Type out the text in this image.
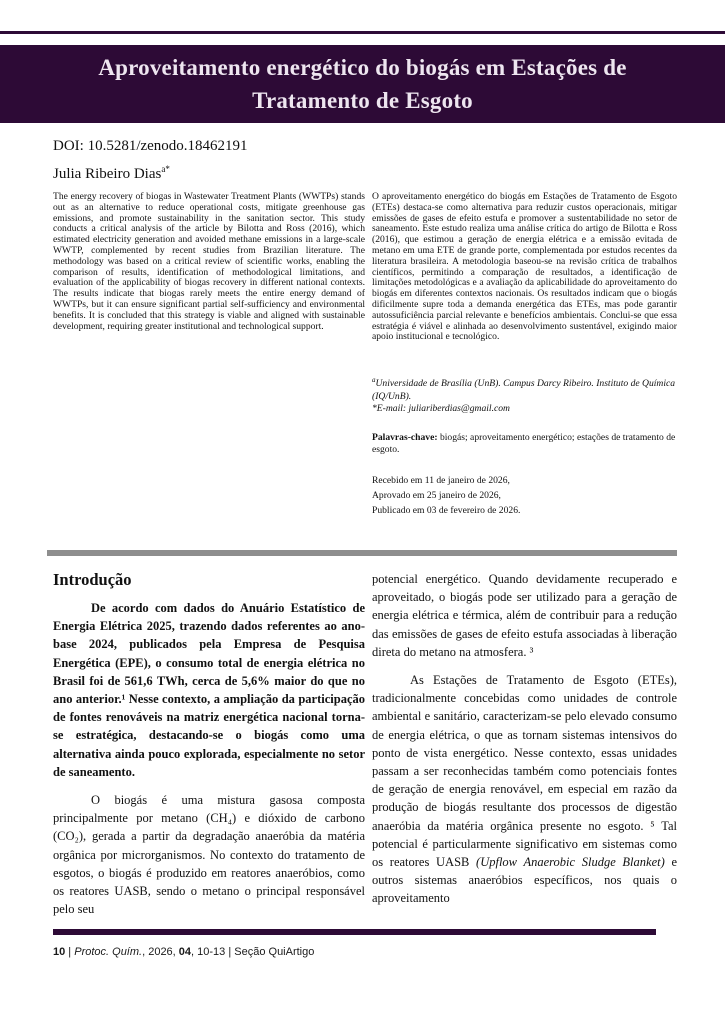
Aproveitamento energético do biogás em Estações de Tratamento de Esgoto
DOI: 10.5281/zenodo.18462191
Julia Ribeiro Dias$^{a*}$

The energy recovery of biogas in Wastewater Treatment Plants (WWTPs) stands out as an alternative to reduce operational costs, mitigate greenhouse gas emissions, and promote sustainability in the sanitation sector. This study conducts a critical analysis of the article by Bilotta and Ross (2016), which estimated electricity generation and avoided methane emissions in a large-scale WWTP, complemented by recent studies from Brazilian literature. The methodology was based on a critical review of scientific works, enabling the comparison of results, identification of methodological limitations, and evaluation of the applicability of biogas recovery in different national contexts. The results indicate that biogas rarely meets the entire energy demand of WWTPs, but it can ensure significant partial self-sufficiency and environmental benefits. It is concluded that this strategy is viable and aligned with sustainable development, requiring greater institutional and technological support.

O aproveitamento energético do biogás em Estações de Tratamento de Esgoto (ETEs) destaca-se como alternativa para reduzir custos operacionais, mitigar emissões de gases de efeito estufa e promover a sustentabilidade no setor de saneamento. Este estudo realiza uma análise crítica do artigo de Bilotta e Ross (2016), que estimou a geração de energia elétrica e a emissão evitada de metano em uma ETE de grande porte, complementada por estudos recentes da literatura brasileira. A metodologia baseou-se na revisão crítica de trabalhos científicos, permitindo a comparação de resultados, a identificação de limitações metodológicas e a avaliação da aplicabilidade do aproveitamento do biogás em diferentes contextos nacionais. Os resultados indicam que o biogás dificilmente supre toda a demanda energética das ETEs, mas pode garantir autossuficiência parcial relevante e benefícios ambientais. Conclui-se que essa estratégia é viável e alinhada ao desenvolvimento sustentável, exigindo maior apoio institucional e tecnológico.

$^a$Universidade de Brasília (UnB). Campus Darcy Ribeiro. Instituto de Química (IQ/UnB).
*E-mail: juliariberdias@gmail.com
Palavras-chave: biogás; aproveitamento energético; estações de tratamento de esgoto.
Recebido em 11 de janeiro de 2026,
Aprovado em 25 janeiro de 2026,
Publicado em 03 de fevereiro de 2026.
Introdução

De acordo com dados do Anuário Estatístico de Energia Elétrica 2025, trazendo dados referentes ao ano-base 2024, publicados pela Empresa de Pesquisa Energética (EPE), o consumo total de energia elétrica no Brasil foi de 561,6 TWh, cerca de 5,6% maior do que no ano anterior.¹ Nesse contexto, a ampliação da participação de fontes renováveis na matriz energética nacional torna-se estratégica, destacando-se o biogás como uma alternativa ainda pouco explorada, especialmente no setor de saneamento.

O biogás é uma mistura gasosa composta principalmente por metano (CH₄) e dióxido de carbono (CO₂), gerada a partir da degradação anaeróbia da matéria orgânica por microrganismos. No contexto do tratamento de esgotos, o biogás é produzido em reatores anaeróbios, como os reatores UASB, sendo o metano o principal responsável pelo seu

potencial energético. Quando devidamente recuperado e aproveitado, o biogás pode ser utilizado para a geração de energia elétrica e térmica, além de contribuir para a redução das emissões de gases de efeito estufa associadas à liberação direta do metano na atmosfera. ³

As Estações de Tratamento de Esgoto (ETEs), tradicionalmente concebidas como unidades de controle ambiental e sanitário, caracterizam-se pelo elevado consumo de energia elétrica, o que as tornam sistemas intensivos do ponto de vista energético. Nesse contexto, essas unidades passam a ser reconhecidas também como potenciais fontes de geração de energia renovável, em especial em razão da produção de biogás resultante dos processos de digestão anaeróbia da matéria orgânica presente no esgoto. ⁵ Tal potencial é particularmente significativo em sistemas como os reatores UASB (Upflow Anaerobic Sludge Blanket) e outros sistemas anaeróbios específicos, nos quais o aproveitamento

10 | Protoc. Quím., 2026, 04, 10-13 | Seção QuiArtigo
